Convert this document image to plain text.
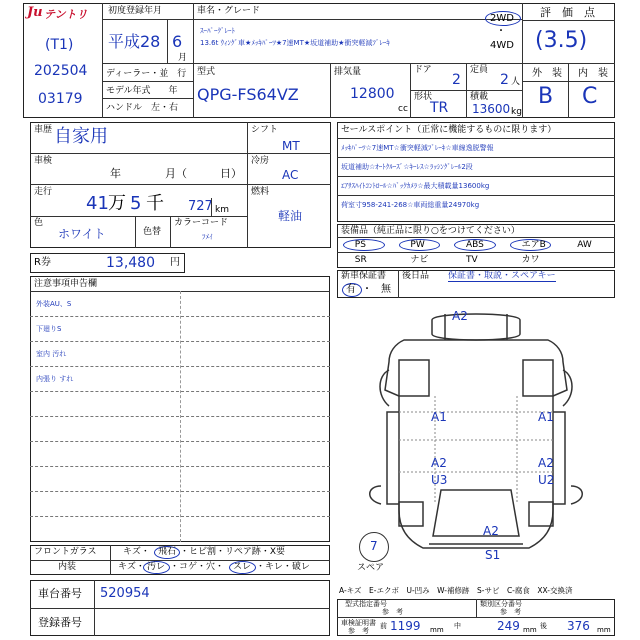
Ju テントリ
(T1)
202504
03179
初度登録年月
平成28 6
月
ディーラー・並　行
モデル年式　　年
ハンドル　左・右
車名・グレード
ｽｰﾊﾟｰｸﾞﾚｰﾄ
13.6t ｳｨﾝｸﾞ車★ﾒｯｷﾊﾟｰﾂ★7速MT★坂道補助★衝突軽減ﾌﾞﾚｰｷ
2WD
・
4WD
評　価　点
(3.5)
外　装 内　装
B C
型式
QPG-FS64VZ
排気量
12800
cc
ドア
2
定員
2 人
形状
TR
積載
13600 kg
車歴 自家用
車検
年　　　　月（　　　日）
走行
41 万 5 千 727 km
色
ホワイト	色替
カラーコード
ﾌﾒｲ
シフト
MT
冷房
AC
燃料
軽油
セールスポイント（正常に機能するものに限ります）
ﾒｯｷﾊﾟｰﾂ☆7速MT☆衝突軽減ﾌﾞﾚｰｷ☆車線逸脱警報
坂道補助☆ｵｰﾄｸﾙｰｽﾞ☆ｷｰﾚｽ☆ﾗｯｼﾝｸﾞﾚｰﾙ2段
ｴｱｻｽﾊｲﾄｺﾝﾄﾛｰﾙ☆ﾊﾞｯｸｶﾒﾗ☆最大積載量13600kg
荷室寸958-241-268☆車両総重量24970kg
装備品（純正品に限り○をつけてください）
PS	PW	ABS	エアB	AW
SR	ナビ	TV	カワ
R券	13,480 円
新車保証書
有 ・ 無
後日品 保証書・取説・スペアキー
注意事項申告欄
外装AU、S
下廻りS
室内 汚れ
内張り すれ
A2
A1	A1
A2
U3
A2
U2
A2
S1
7
スペア
フロントガラス	キズ・ 飛石 ・ヒビ割・リペア跡・X要
内装	キズ・ 汚レ ・コゲ・穴・ スレ ・キレ・破レ
車台番号 520954
登録番号
A-キズ　E-エクボ　U-凹み　W-補修跡　S-サビ　C-腐食　XX-交換済
型式指定番号
参　考
類別区分番号
参　考
車検証明書
参　考
前 1199 mm 中	249 mm 後 376 mm
